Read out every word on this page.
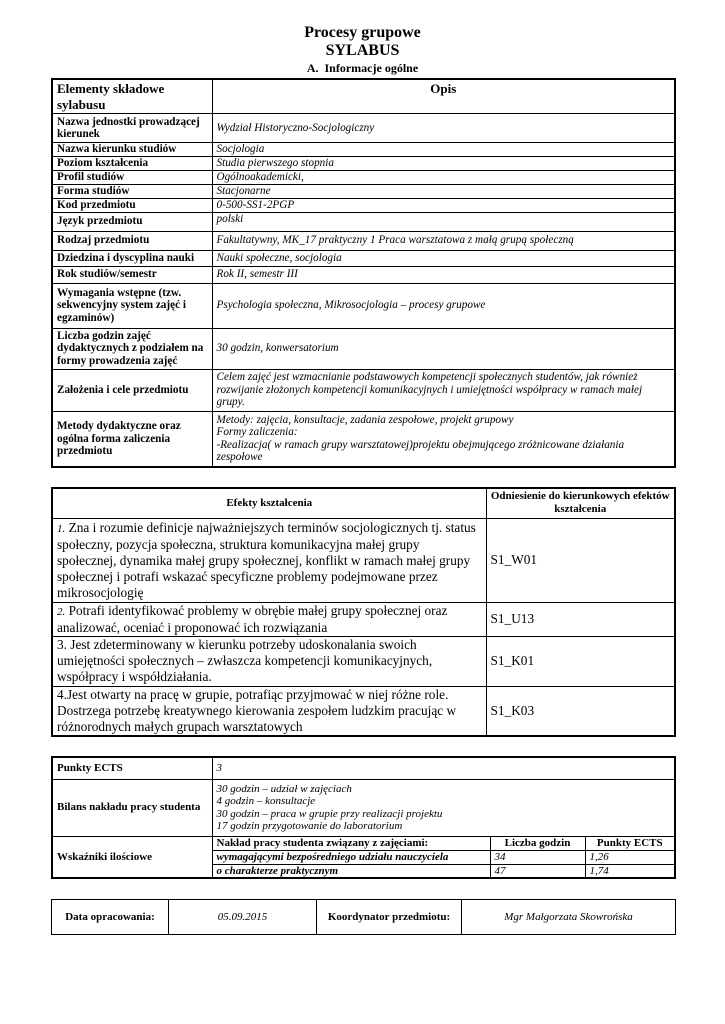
Procesy grupowe
SYLABUS
A.  Informacje ogólne
Elementy składowe sylabusu	Opis
Nazwa jednostki prowadzącej kierunek	Wydział Historyczno-Socjologiczny
Nazwa kierunku studiów	Socjologia
Poziom kształcenia	Studia pierwszego stopnia
Profil studiów	Ogólnoakademicki,
Forma studiów	Stacjonarne
Kod przedmiotu	0-500-SS1-2PGP
Język przedmiotu	polski
Rodzaj przedmiotu	Fakultatywny, MK_17 praktyczny 1 Praca warsztatowa z małą grupą społeczną
Dziedzina i dyscyplina nauki	Nauki społeczne, socjologia
Rok studiów/semestr	Rok II, semestr III
Wymagania wstępne (tzw. sekwencyjny system zajęć i egzaminów)	Psychologia społeczna, Mikrosocjologia – procesy grupowe
Liczba godzin zajęć dydaktycznych z podziałem na formy prowadzenia zajęć	30 godzin, konwersatorium
Założenia i cele przedmiotu	Celem zajęć jest wzmacnianie podstawowych kompetencji społecznych studentów, jak również rozwijanie złożonych kompetencji komunikacyjnych i umiejętności współpracy w ramach małej grupy.
Metody dydaktyczne oraz ogólna forma zaliczenia przedmiotu	Metody: zajęcia, konsultacje, zadania zespołowe, projekt grupowy
Formy zaliczenia:
-Realizacja( w ramach grupy warsztatowej)projektu obejmującego zróżnicowane działania zespołowe
Efekty kształcenia	Odniesienie do kierunkowych efektów kształcenia
1. Zna i rozumie definicje najważniejszych terminów socjologicznych tj. status społeczny, pozycja społeczna, struktura komunikacyjna małej grupy społecznej, dynamika małej grupy społecznej, konflikt w ramach małej grupy społecznej i potrafi wskazać specyficzne problemy podejmowane przez mikrosocjologię	S1_W01
2. Potrafi identyfikować problemy w obrębie małej grupy społecznej oraz analizować, oceniać i proponować ich rozwiązania	S1_U13
3. Jest zdeterminowany w kierunku potrzeby udoskonalania swoich umiejętności społecznych – zwłaszcza kompetencji komunikacyjnych, współpracy i współdziałania.	S1_K01
4.Jest otwarty na pracę w grupie, potrafiąc przyjmować w niej różne role. Dostrzega potrzebę kreatywnego kierowania zespołem ludzkim pracując w różnorodnych małych grupach warsztatowych	S1_K03
Punkty ECTS	3		
Bilans nakładu pracy studenta	30 godzin – udział w zajęciach
4 godzin – konsultacje
30 godzin – praca w grupie przy realizacji projektu
17 godzin przygotowanie do laboratorium		

Wskaźniki ilościowe	Nakład pracy studenta związany z zajęciami:	Liczba godzin	Punkty ECTS
	wymagającymi bezpośredniego udziału nauczyciela	34	1,26
	o charakterze praktycznym	47	1,74
Data opracowania:	05.09.2015	Koordynator przedmiotu:	Mgr Małgorzata Skowrońska
